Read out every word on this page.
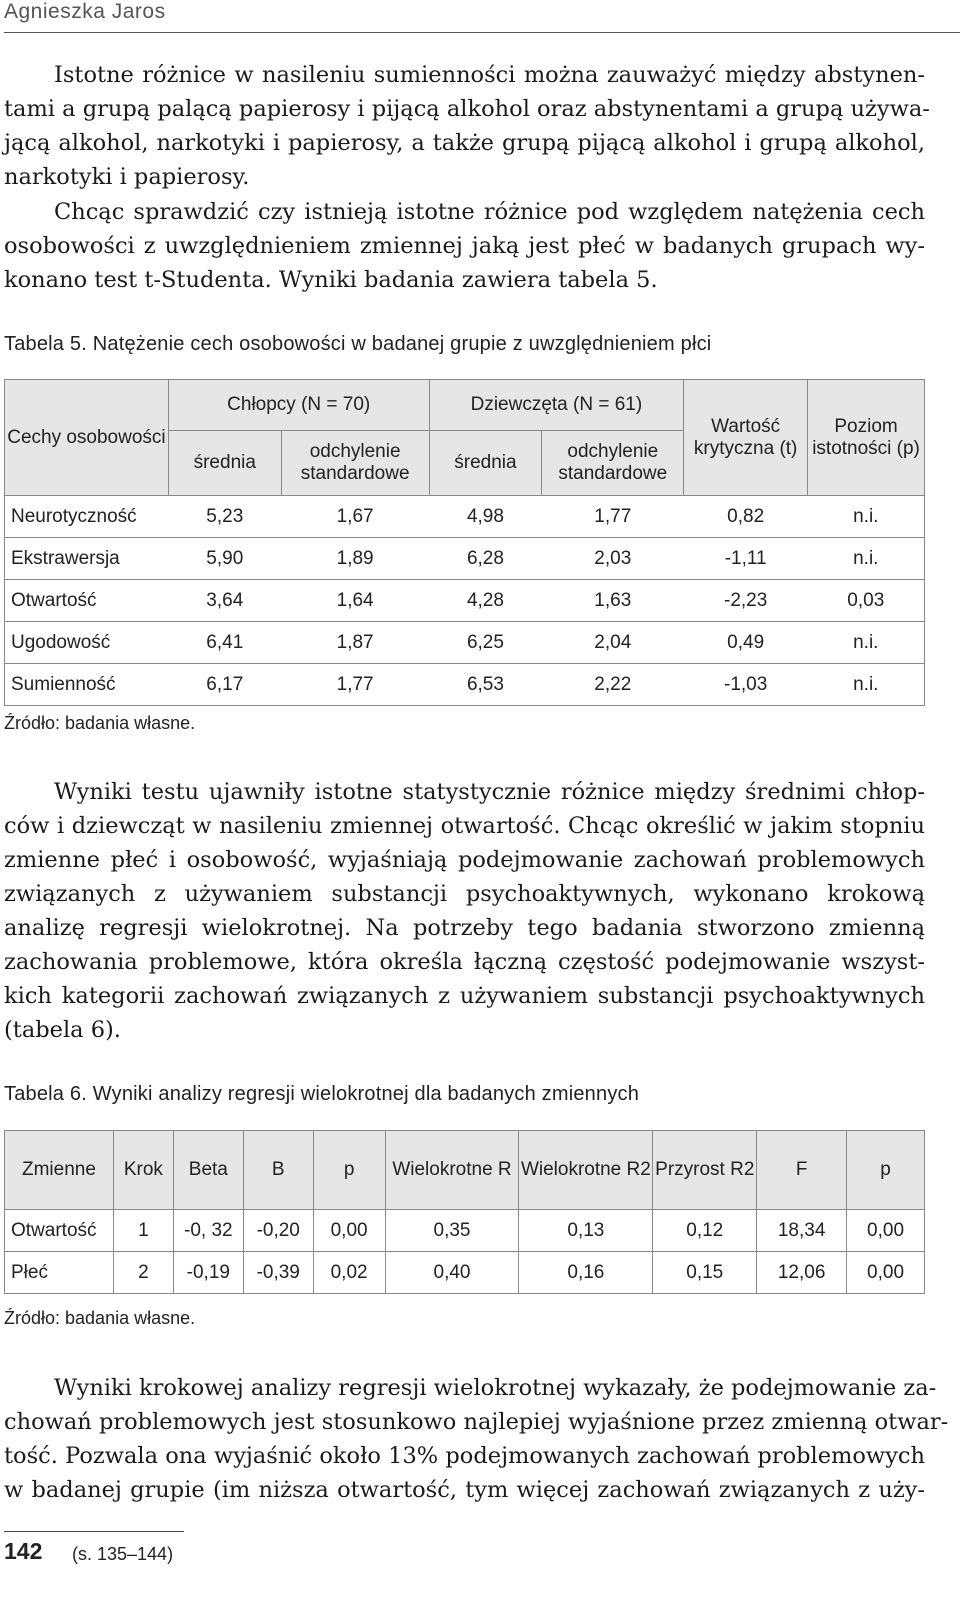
Agnieszka Jaros
Istotne różnice w nasileniu sumienności można zauważyć między abstynen-
tami a grupą palącą papierosy i pijącą alkohol oraz abstynentami a grupą używa-
jącą alkohol, narkotyki i papierosy, a także grupą pijącą alkohol i grupą alkohol,
narkotyki i papierosy.
Chcąc sprawdzić czy istnieją istotne różnice pod względem natężenia cech
osobowości z uwzględnieniem zmiennej jaką jest płeć w badanych grupach wy-
konano test t-Studenta. Wyniki badania zawiera tabela 5.
Tabela 5. Natężenie cech osobowości w badanej grupie z uwzględnieniem płci
Cechy osobowości	Chłopcy (N = 70)		Dziewczęta (N = 61)		Wartość krytyczna (t)	Poziom istotności (p)
	średnia	odchylenie standardowe	średnia	odchylenie standardowe		
Neurotyczność	5,23	1,67	4,98	1,77	0,82	n.i.
Ekstrawersja	5,90	1,89	6,28	2,03	-1,11	n.i.
Otwartość	3,64	1,64	4,28	1,63	-2,23	0,03
Ugodowość	6,41	1,87	6,25	2,04	0,49	n.i.
Sumienność	6,17	1,77	6,53	2,22	-1,03	n.i.
Źródło: badania własne.
Wyniki testu ujawniły istotne statystycznie różnice między średnimi chłop-
ców i dziewcząt w nasileniu zmiennej otwartość. Chcąc określić w jakim stopniu
zmienne płeć i osobowość, wyjaśniają podejmowanie zachowań problemowych
związanych z używaniem substancji psychoaktywnych, wykonano krokową
analizę regresji wielokrotnej. Na potrzeby tego badania stworzono zmienną
zachowania problemowe, która określa łączną częstość podejmowanie wszyst-
kich kategorii zachowań związanych z używaniem substancji psychoaktywnych
(tabela 6).
Tabela 6. Wyniki analizy regresji wielokrotnej dla badanych zmiennych
Zmienne	Krok	Beta	B	p	Wielokrotne R	Wielokrotne R2	Przyrost R2	F	p
Otwartość	1	-0, 32	-0,20	0,00	0,35	0,13	0,12	18,34	0,00
Płeć	2	-0,19	-0,39	0,02	0,40	0,16	0,15	12,06	0,00
Źródło: badania własne.
Wyniki krokowej analizy regresji wielokrotnej wykazały, że podejmowanie za-
chowań problemowych jest stosunkowo najlepiej wyjaśnione przez zmienną otwar-
tość. Pozwala ona wyjaśnić około 13% podejmowanych zachowań problemowych
w badanej grupie (im niższa otwartość, tym więcej zachowań związanych z uży-
142 (s. 135–144)
